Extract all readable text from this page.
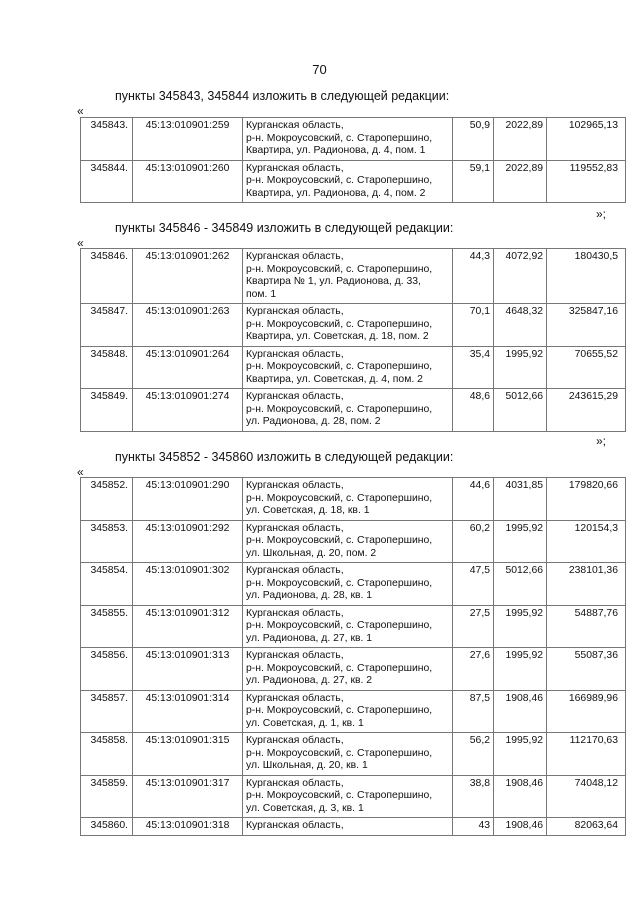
70
пункты 345843, 345844 изложить в следующей редакции:
«
345843.	45:13:010901:259	Курганская область,
р-н. Мокроусовский, с. Староперш‌ино,
Квартира, ул. Радионова, д. 4, пом. 1	50,9	2022,89	102965,13
345844.	45:13:010901:260	Курганская область,
р-н. Мокроусовский, с. Староперш‌ино,
Квартира, ул. Радионова, д. 4, пом. 2	59,1	2022,89	119552,83
»;
пункты 345846 - 345849 изложить в следующей редакции:
«
345846.	45:13:010901:262	Курганская область,
р-н. Мокроусовский, с. Староперш‌ино,
Квартира № 1, ул. Радионова, д. 33,
пом. 1	44,3	4072,92	180430,5
345847.	45:13:010901:263	Курганская область,
р-н. Мокроусовский, с. Староперш‌ино,
Квартира, ул. Советская, д. 18, пом. 2	70,1	4648,32	325847,16
345848.	45:13:010901:264	Курганская область,
р-н. Мокроусовский, с. Староперш‌ино,
Квартира, ул. Советская, д. 4, пом. 2	35,4	1995,92	70655,52
345849.	45:13:010901:274	Курганская область,
р-н. Мокроусовский, с. Староперш‌ино,
ул. Радионова, д. 28, пом. 2	48,6	5012,66	243615,29
»;
пункты 345852 - 345860 изложить в следующей редакции:
«
345852.	45:13:010901:290	Курганская область,
р-н. Мокроусовский, с. Староперш‌ино,
ул. Советская, д. 18, кв. 1	44,6	4031,85	179820,66
345853.	45:13:010901:292	Курганская область,
р-н. Мокроусовский, с. Староперш‌ино,
ул. Школьная, д. 20, пом. 2	60,2	1995,92	120154,3
345854.	45:13:010901:302	Курганская область,
р-н. Мокроусовский, с. Староперш‌ино,
ул. Радионова, д. 28, кв. 1	47,5	5012,66	238101,36
345855.	45:13:010901:312	Курганская область,
р-н. Мокроусовский, с. Староперш‌ино,
ул. Радионова, д. 27, кв. 1	27,5	1995,92	54887,76
345856.	45:13:010901:313	Курганская область,
р-н. Мокроусовский, с. Староперш‌ино,
ул. Радионова, д. 27, кв. 2	27,6	1995,92	55087,36
345857.	45:13:010901:314	Курганская область,
р-н. Мокроусовский, с. Староперш‌ино,
ул. Советская, д. 1, кв. 1	87,5	1908,46	166989,96
345858.	45:13:010901:315	Курганская область,
р-н. Мокроусовский, с. Староперш‌ино,
ул. Школьная, д. 20, кв. 1	56,2	1995,92	112170,63
345859.	45:13:010901:317	Курганская область,
р-н. Мокроусовский, с. Староперш‌ино,
ул. Советская, д. 3, кв. 1	38,8	1908,46	74048,12
345860.	45:13:010901:318	Курганская область,	43	1908,46	82063,64
